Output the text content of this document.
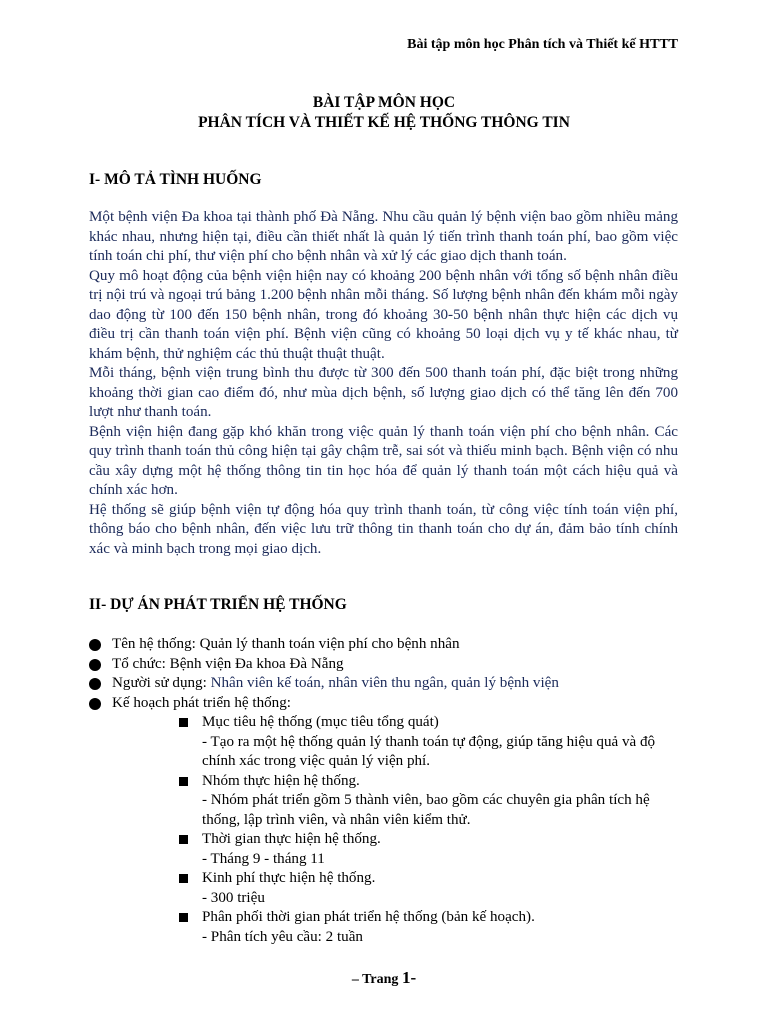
Bài tập môn học Phân tích và Thiết kế HTTT
BÀI TẬP MÔN HỌC
PHÂN TÍCH VÀ THIẾT KẾ HỆ THỐNG THÔNG TIN
I- MÔ TẢ TÌNH HUỐNG

Một bệnh viện Đa khoa tại thành phố Đà Nẵng. Nhu cầu quản lý bệnh viện bao gồm nhiều mảng khác nhau, nhưng hiện tại, điều cần thiết nhất là quản lý tiến trình thanh toán phí, bao gồm việc tính toán chi phí, thư viện phí cho bệnh nhân và xử lý các giao dịch thanh toán.

Quy mô hoạt động của bệnh viện hiện nay có khoảng 200 bệnh nhân với tổng số bệnh nhân điều trị nội trú và ngoại trú bảng 1.200 bệnh nhân mỗi tháng. Số lượng bệnh nhân đến khám mỗi ngày dao động từ 100 đến 150 bệnh nhân, trong đó khoảng 30-50 bệnh nhân thực hiện các dịch vụ điều trị cần thanh toán viện phí. Bệnh viện cũng có khoảng 50 loại dịch vụ y tế khác nhau, từ khám bệnh, thử nghiệm các thủ thuật thuật thuật.

Mỗi tháng, bệnh viện trung bình thu được từ 300 đến 500 thanh toán phí, đặc biệt trong những khoảng thời gian cao điểm đó, như mùa dịch bệnh, số lượng giao dịch có thể tăng lên đến 700 lượt như thanh toán.

Bệnh viện hiện đang gặp khó khăn trong việc quản lý thanh toán viện phí cho bệnh nhân. Các quy trình thanh toán thủ công hiện tại gây chậm trễ, sai sót và thiếu minh bạch. Bệnh viện có nhu cầu xây dựng một hệ thống thông tin tin học hóa để quản lý thanh toán một cách hiệu quả và chính xác hơn.

Hệ thống sẽ giúp bệnh viện tự động hóa quy trình thanh toán, từ công việc tính toán viện phí, thông báo cho bệnh nhân, đến việc lưu trữ thông tin thanh toán cho dự án, đảm bảo tính chính xác và minh bạch trong mọi giao dịch.

II- DỰ ÁN PHÁT TRIỂN HỆ THỐNG
Tên hệ thống: Quản lý thanh toán viện phí cho bệnh nhân
Tổ chức: Bệnh viện Đa khoa Đà Nẵng
Người sử dụng: Nhân viên kế toán, nhân viên thu ngân, quản lý bệnh viện
Kế hoạch phát triển hệ thống:
Mục tiêu hệ thống (mục tiêu tổng quát)
- Tạo ra một hệ thống quản lý thanh toán tự động, giúp tăng hiệu quả và độ chính xác trong việc quản lý viện phí.
Nhóm thực hiện hệ thống.
- Nhóm phát triển gồm 5 thành viên, bao gồm các chuyên gia phân tích hệ thống, lập trình viên, và nhân viên kiểm thử.
Thời gian thực hiện hệ thống.
- Tháng 9 - tháng 11
Kinh phí thực hiện hệ thống.
- 300 triệu
Phân phối thời gian phát triển hệ thống (bản kế hoạch).
- Phân tích yêu cầu: 2 tuần
– Trang 1-
